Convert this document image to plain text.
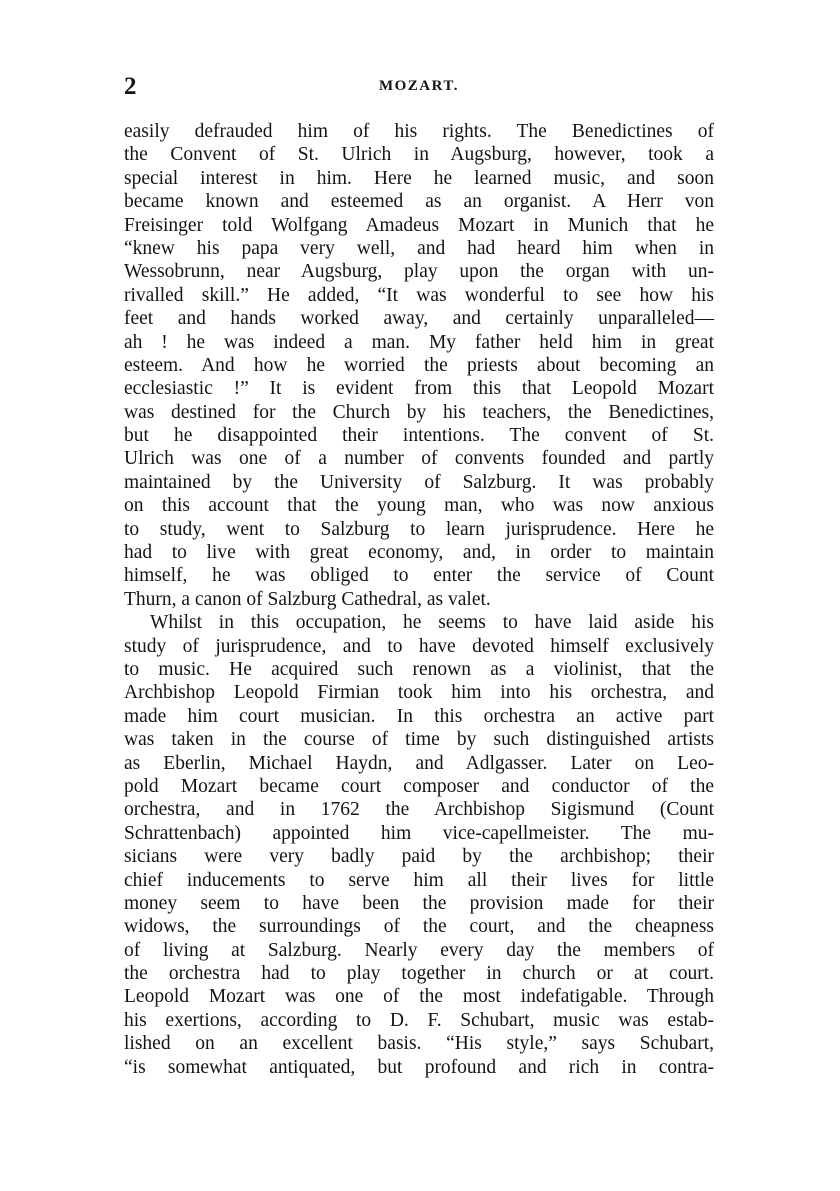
2	MOZART.
easily defrauded him of his rights. The Benedictines of
the Convent of St. Ulrich in Augsburg, however, took a
special interest in him. Here he learned music, and soon
became known and esteemed as an organist. A Herr von
Freisinger told Wolfgang Amadeus Mozart in Munich that he
“knew his papa very well, and had heard him when in
Wessobrunn, near Augsburg, play upon the organ with un-
rivalled skill.” He added, “It was wonderful to see how his
feet and hands worked away, and certainly unparalleled—
ah ! he was indeed a man. My father held him in great
esteem. And how he worried the priests about becoming an
ecclesiastic !” It is evident from this that Leopold Mozart
was destined for the Church by his teachers, the Benedictines,
but he disappointed their intentions. The convent of St.
Ulrich was one of a number of convents founded and partly
maintained by the University of Salzburg. It was probably
on this account that the young man, who was now anxious
to study, went to Salzburg to learn jurisprudence. Here he
had to live with great economy, and, in order to maintain
himself, he was obliged to enter the service of Count
Thurn, a canon of Salzburg Cathedral, as valet.
Whilst in this occupation, he seems to have laid aside his
study of jurisprudence, and to have devoted himself exclusively
to music. He acquired such renown as a violinist, that the
Archbishop Leopold Firmian took him into his orchestra, and
made him court musician. In this orchestra an active part
was taken in the course of time by such distinguished artists
as Eberlin, Michael Haydn, and Adlgasser. Later on Leo-
pold Mozart became court composer and conductor of the
orchestra, and in 1762 the Archbishop Sigismund (Count
Schrattenbach) appointed him vice-capellmeister. The mu-
sicians were very badly paid by the archbishop; their
chief inducements to serve him all their lives for little
money seem to have been the provision made for their
widows, the surroundings of the court, and the cheapness
of living at Salzburg. Nearly every day the members of
the orchestra had to play together in church or at court.
Leopold Mozart was one of the most indefatigable. Through
his exertions, according to D. F. Schubart, music was estab-
lished on an excellent basis. “His style,” says Schubart,
“is somewhat antiquated, but profound and rich in contra-
